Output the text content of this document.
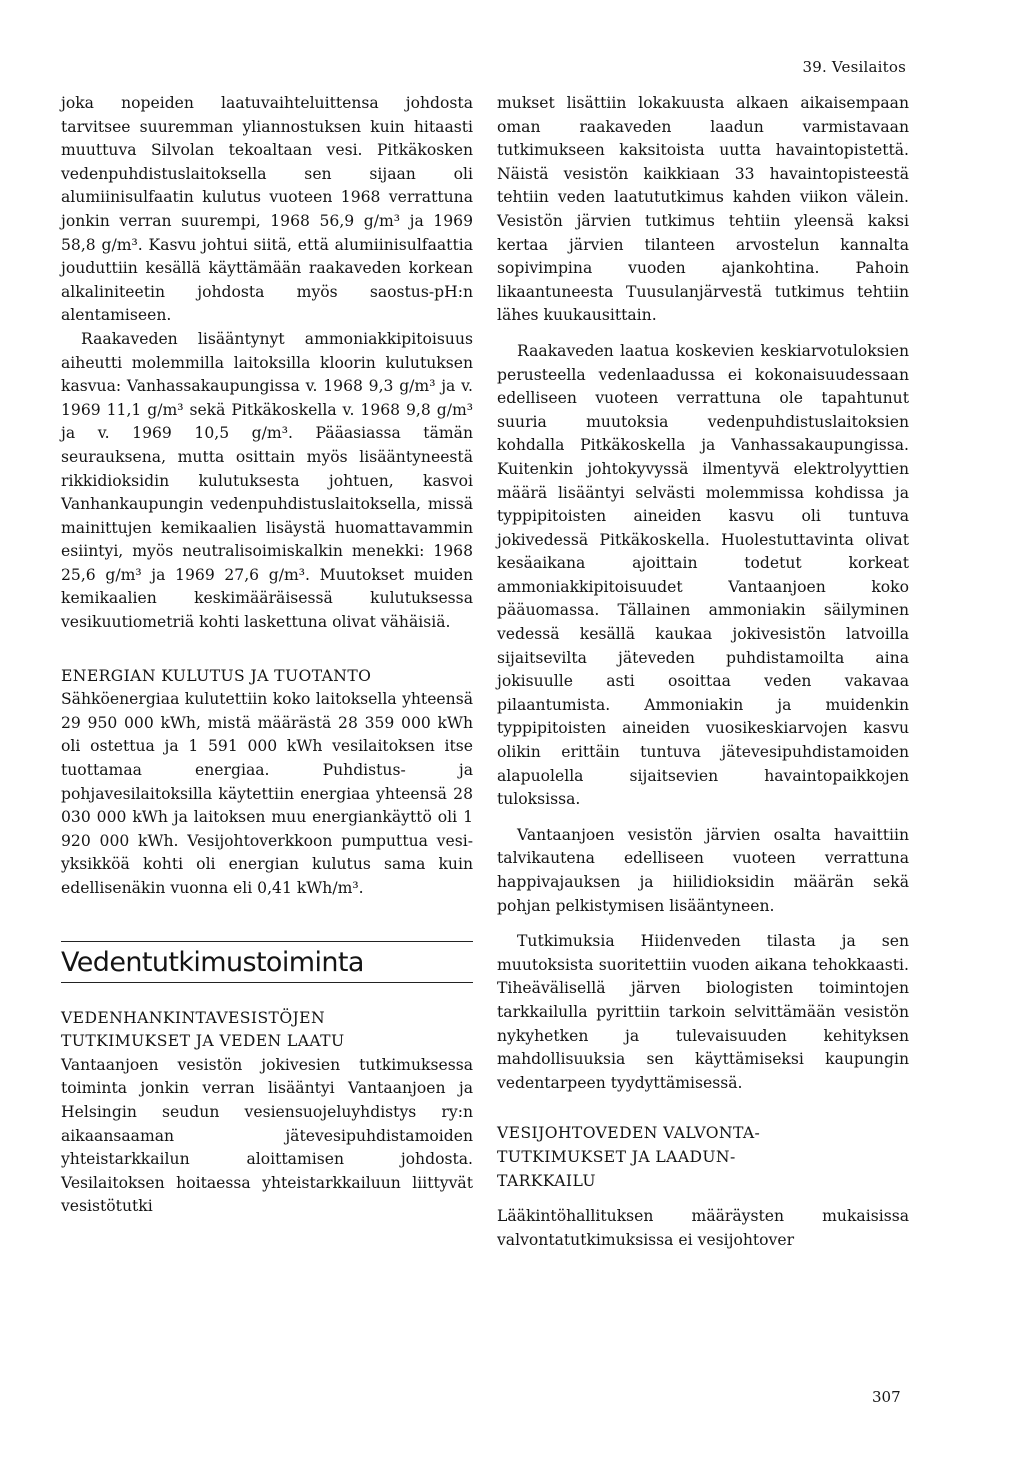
39. Vesilaitos

joka nopeiden laatuvaihteluittensa johdosta tarvitsee suuremman yliannostuksen kuin hitaasti muuttuva Silvolan tekoaltaan vesi. Pitkäkosken vedenpuhdistuslaitoksella sen sijaan oli alumiinisulfaatin kulutus vuoteen 1968 verrattuna jonkin verran suurempi, 1968 56,9 g/m³ ja 1969 58,8 g/m³. Kasvu johtui siitä, että alumiinisulfaattia jouduttiin kesällä käyttämään raakaveden korkean alkaliniteetin johdosta myös saostus-pH:n alentamiseen.

Raakaveden lisääntynyt ammoniakkipitoisuus aiheutti molemmilla laitoksilla kloorin kulutuksen kasvua: Vanhassakaupungissa v. 1968 9,3 g/m³ ja v. 1969 11,1 g/m³ sekä Pitkäkoskella v. 1968 9,8 g/m³ ja v. 1969 10,5 g/m³. Pääasiassa tämän seurauksena, mutta osittain myös lisääntyneestä rikkidioksidin kulutuksesta johtuen, kasvoi Vanhankaupungin vedenpuhdistuslaitoksella, missä mainittujen kemikaalien lisäystä huomattavammin esiintyi, myös neutralisoimiskalkin menekki: 1968 25,6 g/m³ ja 1969 27,6 g/m³. Muutokset muiden kemikaalien keskimääräisessä kulutuksessa vesikuutiometriä kohti laskettuna olivat vähäisiä.

ENERGIAN KULUTUS JA TUOTANTO

Sähköenergiaa kulutettiin koko laitoksella yhteensä 29 950 000 kWh, mistä määrästä 28 359 000 kWh oli ostettua ja 1 591 000 kWh vesilaitoksen itse tuottamaa energiaa. Puhdistus- ja pohjavesilaitoksilla käytettiin energiaa yhteensä 28 030 000 kWh ja laitoksen muu energiankäyttö oli 1 920 000 kWh. Vesijohtoverkkoon pumputtua vesiyksikköä kohti oli energian kulutus sama kuin edellisenäkin vuonna eli 0,41 kWh/m³.

Vedentutkimustoiminta
VEDENHANKINTAVESISTÖJEN
TUTKIMUKSET JA VEDEN LAATU

Vantaanjoen vesistön jokivesien tutkimuksessa toiminta jonkin verran lisääntyi Vantaanjoen ja Helsingin seudun vesiensuojeluyhdistys ry:n aikaansaaman jätevesipuhdistamoiden yhteistarkkailun aloittamisen johdosta. Vesilaitoksen hoitaessa yhteistarkkailuun liittyvät vesistötutki

mukset lisättiin lokakuusta alkaen aikaisempaan oman raakaveden laadun varmistavaan tutkimukseen kaksitoista uutta havaintopistettä. Näistä vesistön kaikkiaan 33 havaintopisteestä tehtiin veden laatututkimus kahden viikon välein. Vesistön järvien tutkimus tehtiin yleensä kaksi kertaa järvien tilanteen arvostelun kannalta sopivimpina vuoden ajankohtina. Pahoin likaantuneesta Tuusulanjärvestä tutkimus tehtiin lähes kuukausittain.

Raakaveden laatua koskevien keskiarvotuloksien perusteella vedenlaadussa ei kokonaisuudessaan edelliseen vuoteen verrattuna ole tapahtunut suuria muutoksia vedenpuhdistuslaitoksien kohdalla Pitkäkoskella ja Vanhassakaupungissa. Kuitenkin johtokyvyssä ilmentyvä elektrolyyttien määrä lisääntyi selvästi molemmissa kohdissa ja typpipitoisten aineiden kasvu oli tuntuva jokivedessä Pitkäkoskella. Huolestuttavinta olivat kesäaikana ajoittain todetut korkeat ammoniakkipitoisuudet Vantaanjoen koko pääuomassa. Tällainen ammoniakin säilyminen vedessä kesällä kaukaa jokivesistön latvoilla sijaitsevilta jäteveden puhdistamoilta aina jokisuulle asti osoittaa veden vakavaa pilaantumista. Ammoniakin ja muidenkin typpipitoisten aineiden vuosikeskiarvojen kasvu olikin erittäin tuntuva jätevesipuhdistamoiden alapuolella sijaitsevien havaintopaikkojen tuloksissa.

Vantaanjoen vesistön järvien osalta havaittiin talvikautena edelliseen vuoteen verrattuna happivajauksen ja hiilidioksidin määrän sekä pohjan pelkistymisen lisääntyneen.

Tutkimuksia Hiidenveden tilasta ja sen muutoksista suoritettiin vuoden aikana tehokkaasti. Tiheävälisellä järven biologisten toimintojen tarkkailulla pyrittiin tarkoin selvittämään vesistön nykyhetken ja tulevaisuuden kehityksen mahdollisuuksia sen käyttämiseksi kaupungin vedentarpeen tyydyttämisessä.

VESIJOHTOVEDEN VALVONTA-
TUTKIMUKSET JA LAADUN-
TARKKAILU

Lääkintöhallituksen määräysten mukaisissa valvontatutkimuksissa ei vesijohtover

307
